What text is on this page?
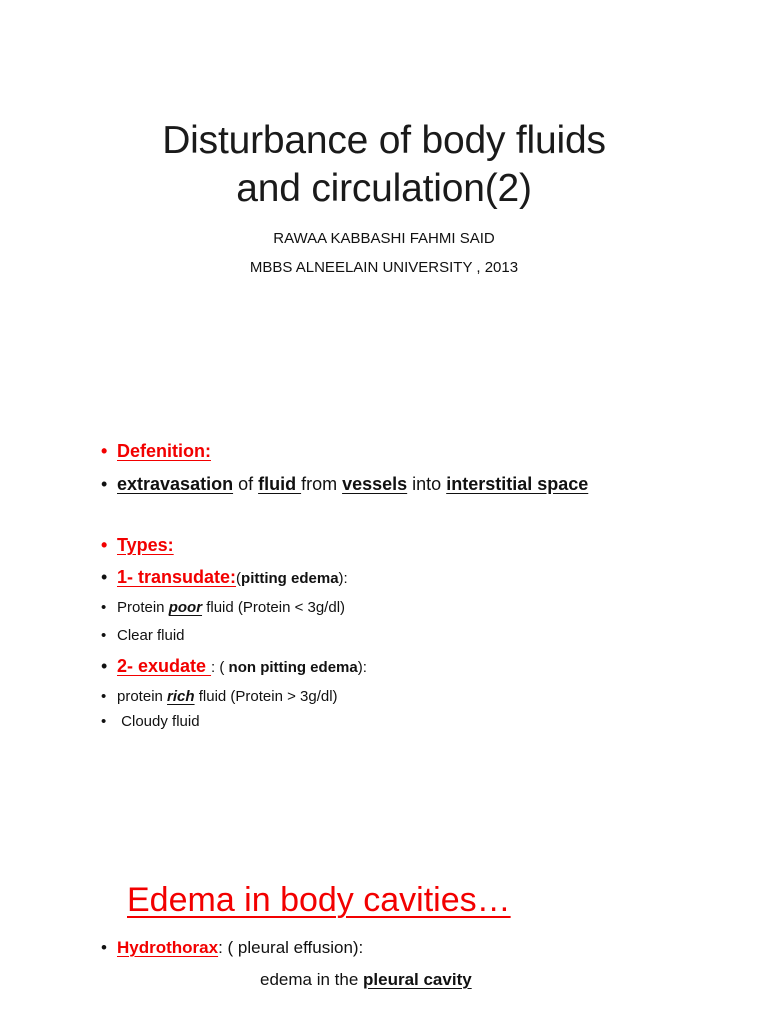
Disturbance of body fluids
and circulation(2)
RAWAA KABBASHI FAHMI SAID
MBBS ALNEELAIN UNIVERSITY , 2013
• Defenition:
• extravasation of fluid from vessels into interstitial space
• Types:
• 1- transudate:(pitting edema):
• Protein poor fluid (Protein < 3g/dl)
• Clear fluid
• 2- exudate : ( non pitting edema):
• protein rich fluid (Protein > 3g/dl)
•  Cloudy fluid
Edema in body cavities…
• Hydrothorax: ( pleural effusion):
edema in the pleural cavity
